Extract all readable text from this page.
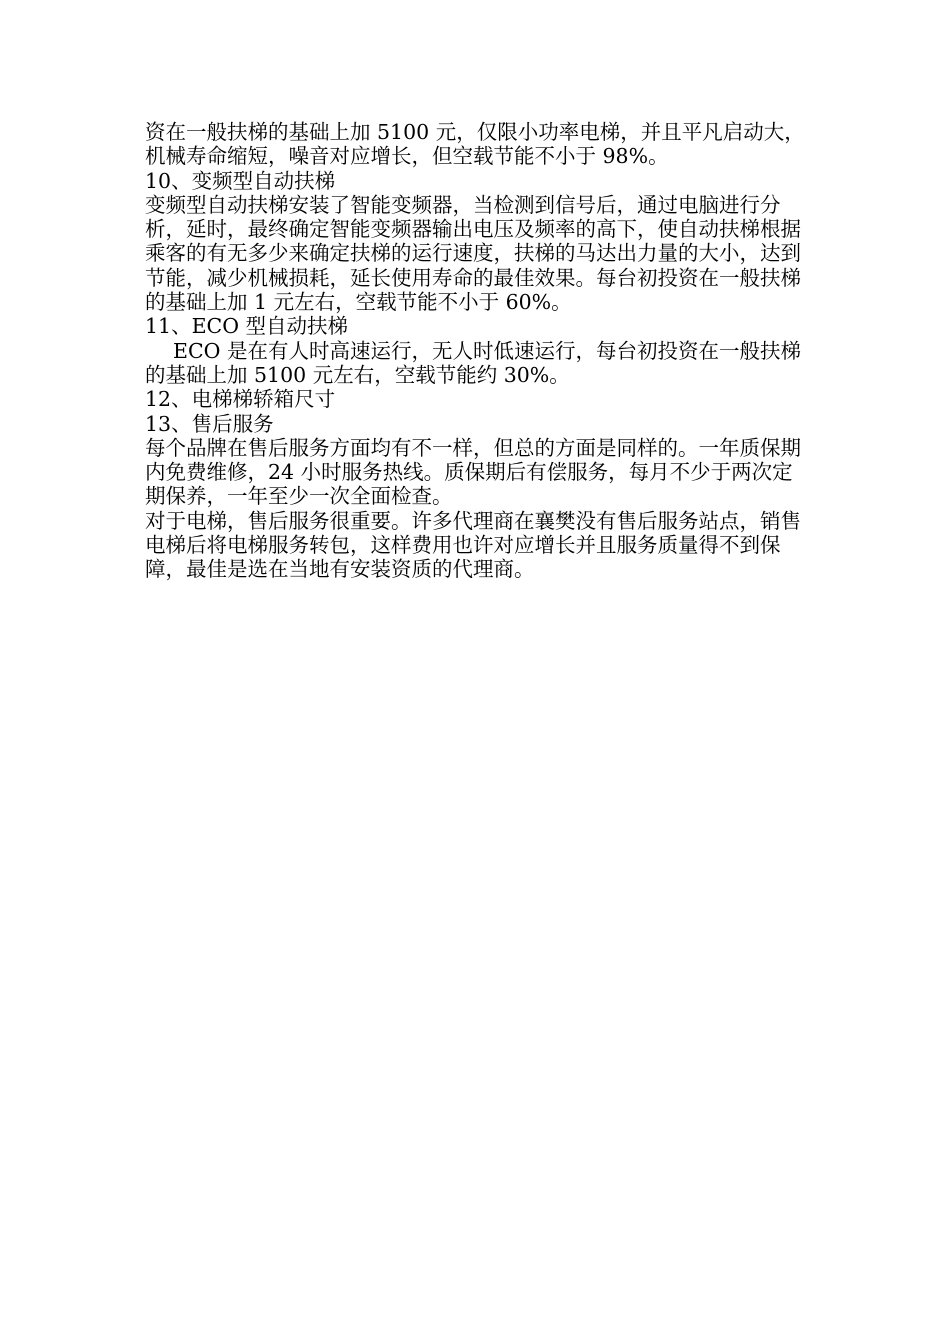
资在一般扶梯的基础上加 5100 元，仅限小功率电梯，并且平凡启动大，机械寿命缩短，噪音对应增长，但空载节能不小于 98%。

10、变频型自动扶梯

变频型自动扶梯安装了智能变频器，当检测到信号后，通过电脑进行分析，延时，最终确定智能变频器输出电压及频率的高下，使自动扶梯根据乘客的有无多少来确定扶梯的运行速度，扶梯的马达出力量的大小，达到节能，减少机械损耗，延长使用寿命的最佳效果。每台初投资在一般扶梯的基础上加 1 元左右，空载节能不小于 60%。

11、ECO 型自动扶梯

ECO 是在有人时高速运行，无人时低速运行，每台初投资在一般扶梯的基础上加 5100 元左右，空载节能约 30%。

12、电梯梯轿箱尺寸

13、售后服务

每个品牌在售后服务方面均有不一样，但总的方面是同样的。一年质保期内免费维修，24 小时服务热线。质保期后有偿服务，每月不少于两次定期保养，一年至少一次全面检查。

对于电梯，售后服务很重要。许多代理商在襄樊没有售后服务站点，销售电梯后将电梯服务转包，这样费用也许对应增长并且服务质量得不到保障，最佳是选在当地有安装资质的代理商。
